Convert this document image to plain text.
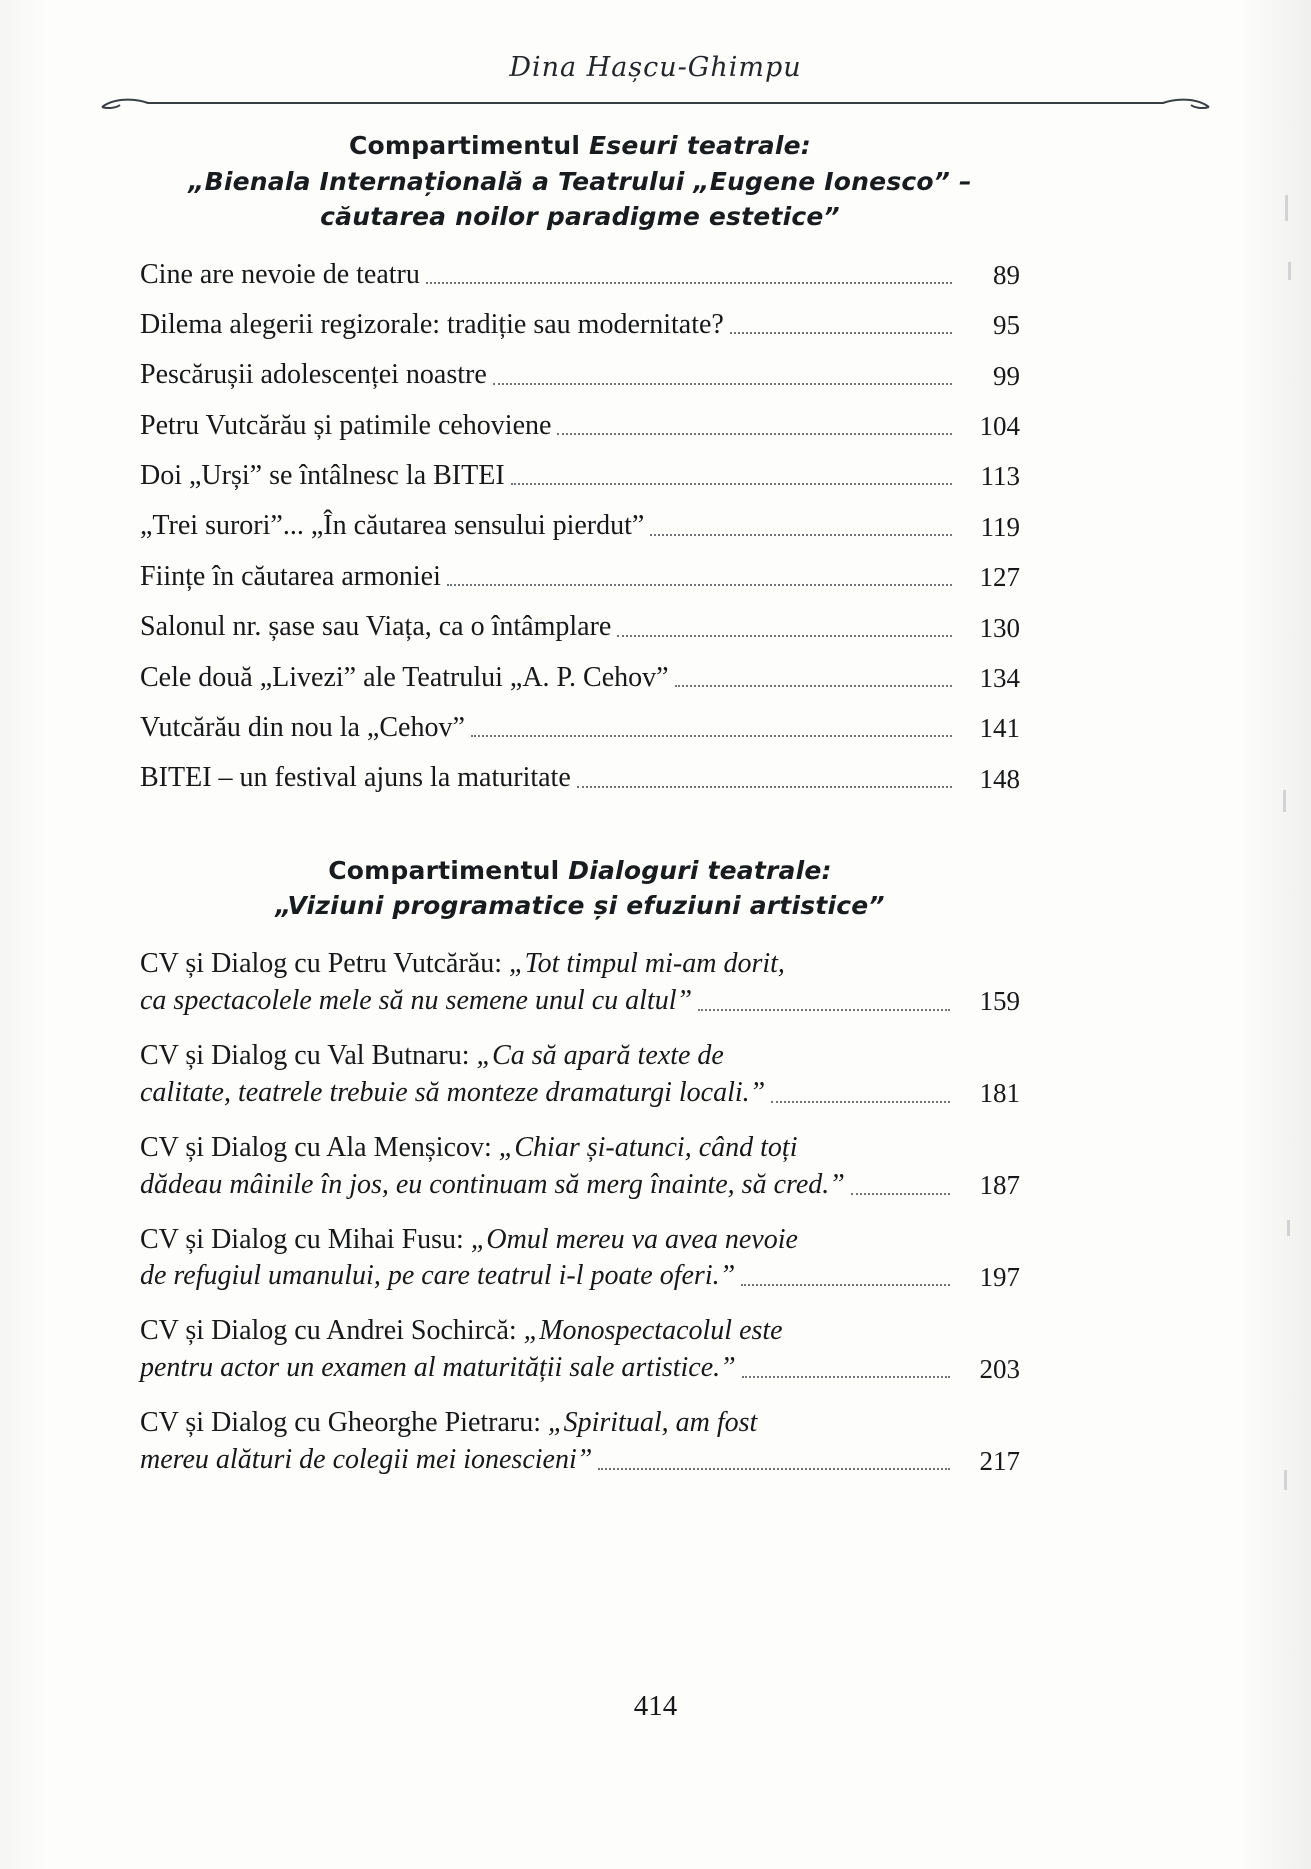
Dina Hașcu-Ghimpu
Compartimentul Eseuri teatrale:
„Bienala Internațională a Teatrului „Eugene Ionesco” –
căutarea noilor paradigme estetice”
Cine are nevoie de teatru	89
Dilema alegerii regizorale: tradiție sau modernitate?	95
Pescărușii adolescenței noastre	99
Petru Vutcărău și patimile cehoviene	104
Doi „Urși” se întâlnesc la BITEI	113
„Trei surori”... „În căutarea sensului pierdut”	119
Ființe în căutarea armoniei	127
Salonul nr. șase sau Viața, ca o întâmplare	130
Cele două „Livezi” ale Teatrului „A. P. Cehov”	134
Vutcărău din nou la „Cehov”	141
BITEI – un festival ajuns la maturitate	148
Compartimentul Dialoguri teatrale:
„Viziuni programatice și efuziuni artistice”
CV și Dialog cu Petru Vutcărău: „Tot timpul mi-am dorit,
ca spectacolele mele să nu semene unul cu altul”	159
CV și Dialog cu Val Butnaru: „Ca să apară texte de
calitate, teatrele trebuie să monteze dramaturgi locali.”	181
CV și Dialog cu Ala Menșicov: „Chiar și-atunci, când toți
dădeau mâinile în jos, eu continuam să merg înainte, să cred.”	187
CV și Dialog cu Mihai Fusu: „Omul mereu va avea nevoie
de refugiul umanului, pe care teatrul i-l poate oferi.”	197
CV și Dialog cu Andrei Sochircă: „Monospectacolul este
pentru actor un examen al maturității sale artistice.”	203
CV și Dialog cu Gheorghe Pietraru: „Spiritual, am fost
mereu alături de colegii mei ionescieni”	217
414
